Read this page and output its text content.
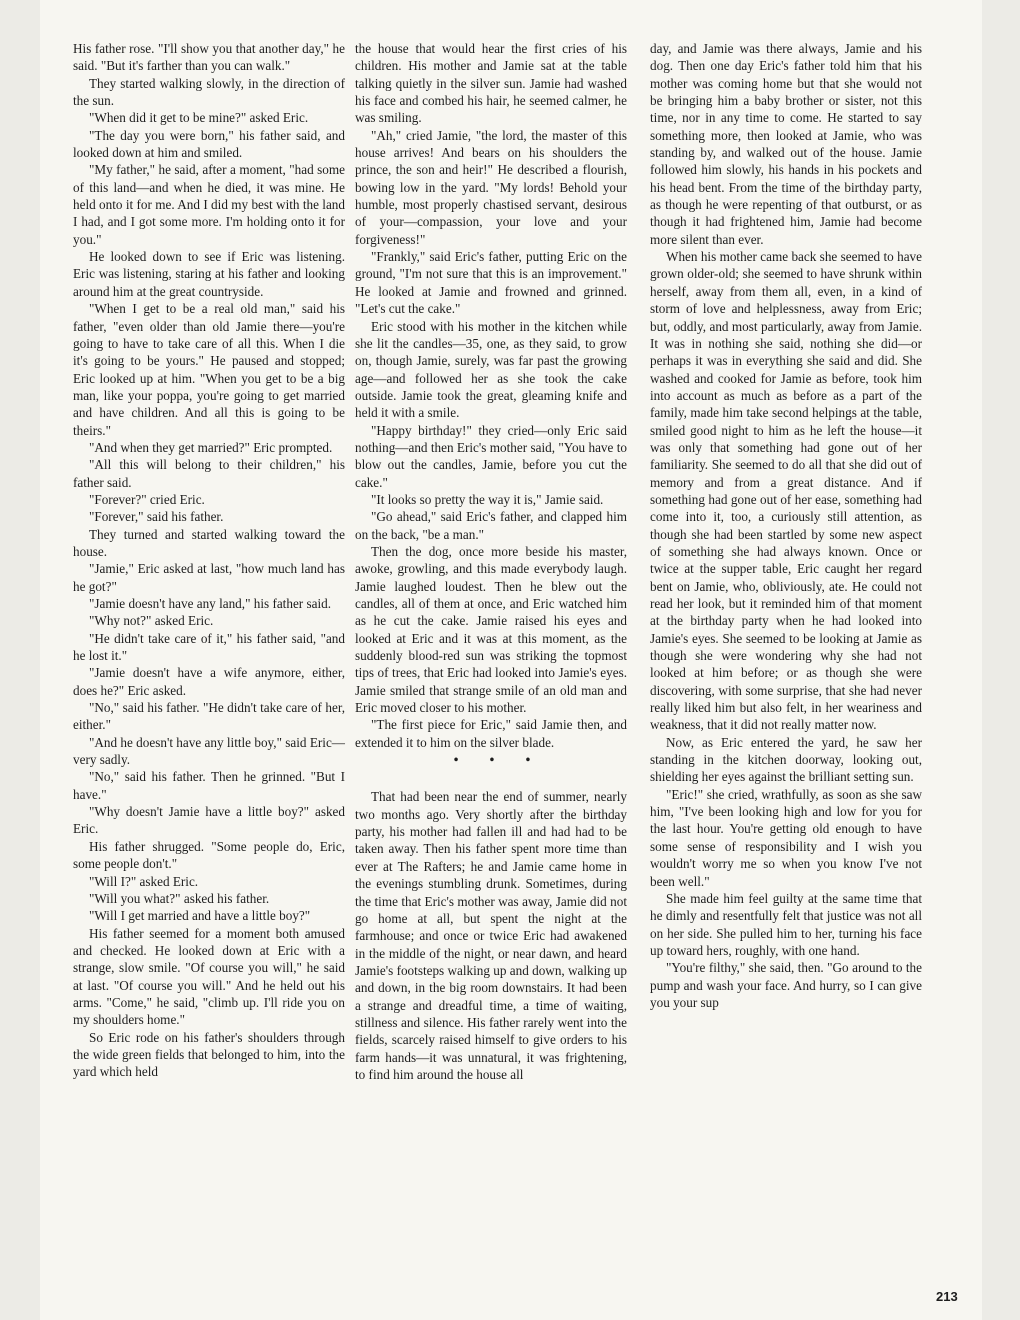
His father rose. "I'll show you that another day," he said. "But it's farther than you can walk."

They started walking slowly, in the direction of the sun.

"When did it get to be mine?" asked Eric.

"The day you were born," his father said, and looked down at him and smiled.

"My father," he said, after a moment, "had some of this land—and when he died, it was mine. He held onto it for me. And I did my best with the land I had, and I got some more. I'm holding onto it for you."

He looked down to see if Eric was listening. Eric was listening, staring at his father and looking around him at the great countryside.

"When I get to be a real old man," said his father, "even older than old Jamie there—you're going to have to take care of all this. When I die it's going to be yours." He paused and stopped; Eric looked up at him. "When you get to be a big man, like your poppa, you're going to get married and have children. And all this is going to be theirs."

"And when they get married?" Eric prompted.

"All this will belong to their children," his father said.

"Forever?" cried Eric.

"Forever," said his father.

They turned and started walking toward the house.

"Jamie," Eric asked at last, "how much land has he got?"

"Jamie doesn't have any land," his father said.

"Why not?" asked Eric.

"He didn't take care of it," his father said, "and he lost it."

"Jamie doesn't have a wife anymore, either, does he?" Eric asked.

"No," said his father. "He didn't take care of her, either."

"And he doesn't have any little boy," said Eric—very sadly.

"No," said his father. Then he grinned. "But I have."

"Why doesn't Jamie have a little boy?" asked Eric.

His father shrugged. "Some people do, Eric, some people don't."

"Will I?" asked Eric.

"Will you what?" asked his father.

"Will I get married and have a little boy?"

His father seemed for a moment both amused and checked. He looked down at Eric with a strange, slow smile. "Of course you will," he said at last. "Of course you will." And he held out his arms. "Come," he said, "climb up. I'll ride you on my shoulders home."

So Eric rode on his father's shoulders through the wide green fields that belonged to him, into the yard which held

the house that would hear the first cries of his children. His mother and Jamie sat at the table talking quietly in the silver sun. Jamie had washed his face and combed his hair, he seemed calmer, he was smiling.

"Ah," cried Jamie, "the lord, the master of this house arrives! And bears on his shoulders the prince, the son and heir!" He described a flourish, bowing low in the yard. "My lords! Behold your humble, most properly chastised servant, desirous of your—compassion, your love and your forgiveness!"

"Frankly," said Eric's father, putting Eric on the ground, "I'm not sure that this is an improvement." He looked at Jamie and frowned and grinned. "Let's cut the cake."

Eric stood with his mother in the kitchen while she lit the candles—35, one, as they said, to grow on, though Jamie, surely, was far past the growing age—and followed her as she took the cake outside. Jamie took the great, gleaming knife and held it with a smile.

"Happy birthday!" they cried—only Eric said nothing—and then Eric's mother said, "You have to blow out the candles, Jamie, before you cut the cake."

"It looks so pretty the way it is," Jamie said.

"Go ahead," said Eric's father, and clapped him on the back, "be a man."

Then the dog, once more beside his master, awoke, growling, and this made everybody laugh. Jamie laughed loudest. Then he blew out the candles, all of them at once, and Eric watched him as he cut the cake. Jamie raised his eyes and looked at Eric and it was at this moment, as the suddenly blood-red sun was striking the topmost tips of trees, that Eric had looked into Jamie's eyes. Jamie smiled that strange smile of an old man and Eric moved closer to his mother.

"The first piece for Eric," said Jamie then, and extended it to him on the silver blade.

• • •

That had been near the end of summer, nearly two months ago. Very shortly after the birthday party, his mother had fallen ill and had had to be taken away. Then his father spent more time than ever at The Rafters; he and Jamie came home in the evenings stumbling drunk. Sometimes, during the time that Eric's mother was away, Jamie did not go home at all, but spent the night at the farmhouse; and once or twice Eric had awakened in the middle of the night, or near dawn, and heard Jamie's footsteps walking up and down, walking up and down, in the big room downstairs. It had been a strange and dreadful time, a time of waiting, stillness and silence. His father rarely went into the fields, scarcely raised himself to give orders to his farm hands—it was unnatural, it was frightening, to find him around the house all

day, and Jamie was there always, Jamie and his dog. Then one day Eric's father told him that his mother was coming home but that she would not be bringing him a baby brother or sister, not this time, nor in any time to come. He started to say something more, then looked at Jamie, who was standing by, and walked out of the house. Jamie followed him slowly, his hands in his pockets and his head bent. From the time of the birthday party, as though he were repenting of that outburst, or as though it had frightened him, Jamie had become more silent than ever.

When his mother came back she seemed to have grown older-old; she seemed to have shrunk within herself, away from them all, even, in a kind of storm of love and helplessness, away from Eric; but, oddly, and most particularly, away from Jamie. It was in nothing she said, nothing she did—or perhaps it was in everything she said and did. She washed and cooked for Jamie as before, took him into account as much as before as a part of the family, made him take second helpings at the table, smiled good night to him as he left the house—it was only that something had gone out of her familiarity. She seemed to do all that she did out of memory and from a great distance. And if something had gone out of her ease, something had come into it, too, a curiously still attention, as though she had been startled by some new aspect of something she had always known. Once or twice at the supper table, Eric caught her regard bent on Jamie, who, obliviously, ate. He could not read her look, but it reminded him of that moment at the birthday party when he had looked into Jamie's eyes. She seemed to be looking at Jamie as though she were wondering why she had not looked at him before; or as though she were discovering, with some surprise, that she had never really liked him but also felt, in her weariness and weakness, that it did not really matter now.

Now, as Eric entered the yard, he saw her standing in the kitchen doorway, looking out, shielding her eyes against the brilliant setting sun.

"Eric!" she cried, wrathfully, as soon as she saw him, "I've been looking high and low for you for the last hour. You're getting old enough to have some sense of responsibility and I wish you wouldn't worry me so when you know I've not been well."

She made him feel guilty at the same time that he dimly and resentfully felt that justice was not all on her side. She pulled him to her, turning his face up toward hers, roughly, with one hand.

"You're filthy," she said, then. "Go around to the pump and wash your face. And hurry, so I can give you your sup

213
